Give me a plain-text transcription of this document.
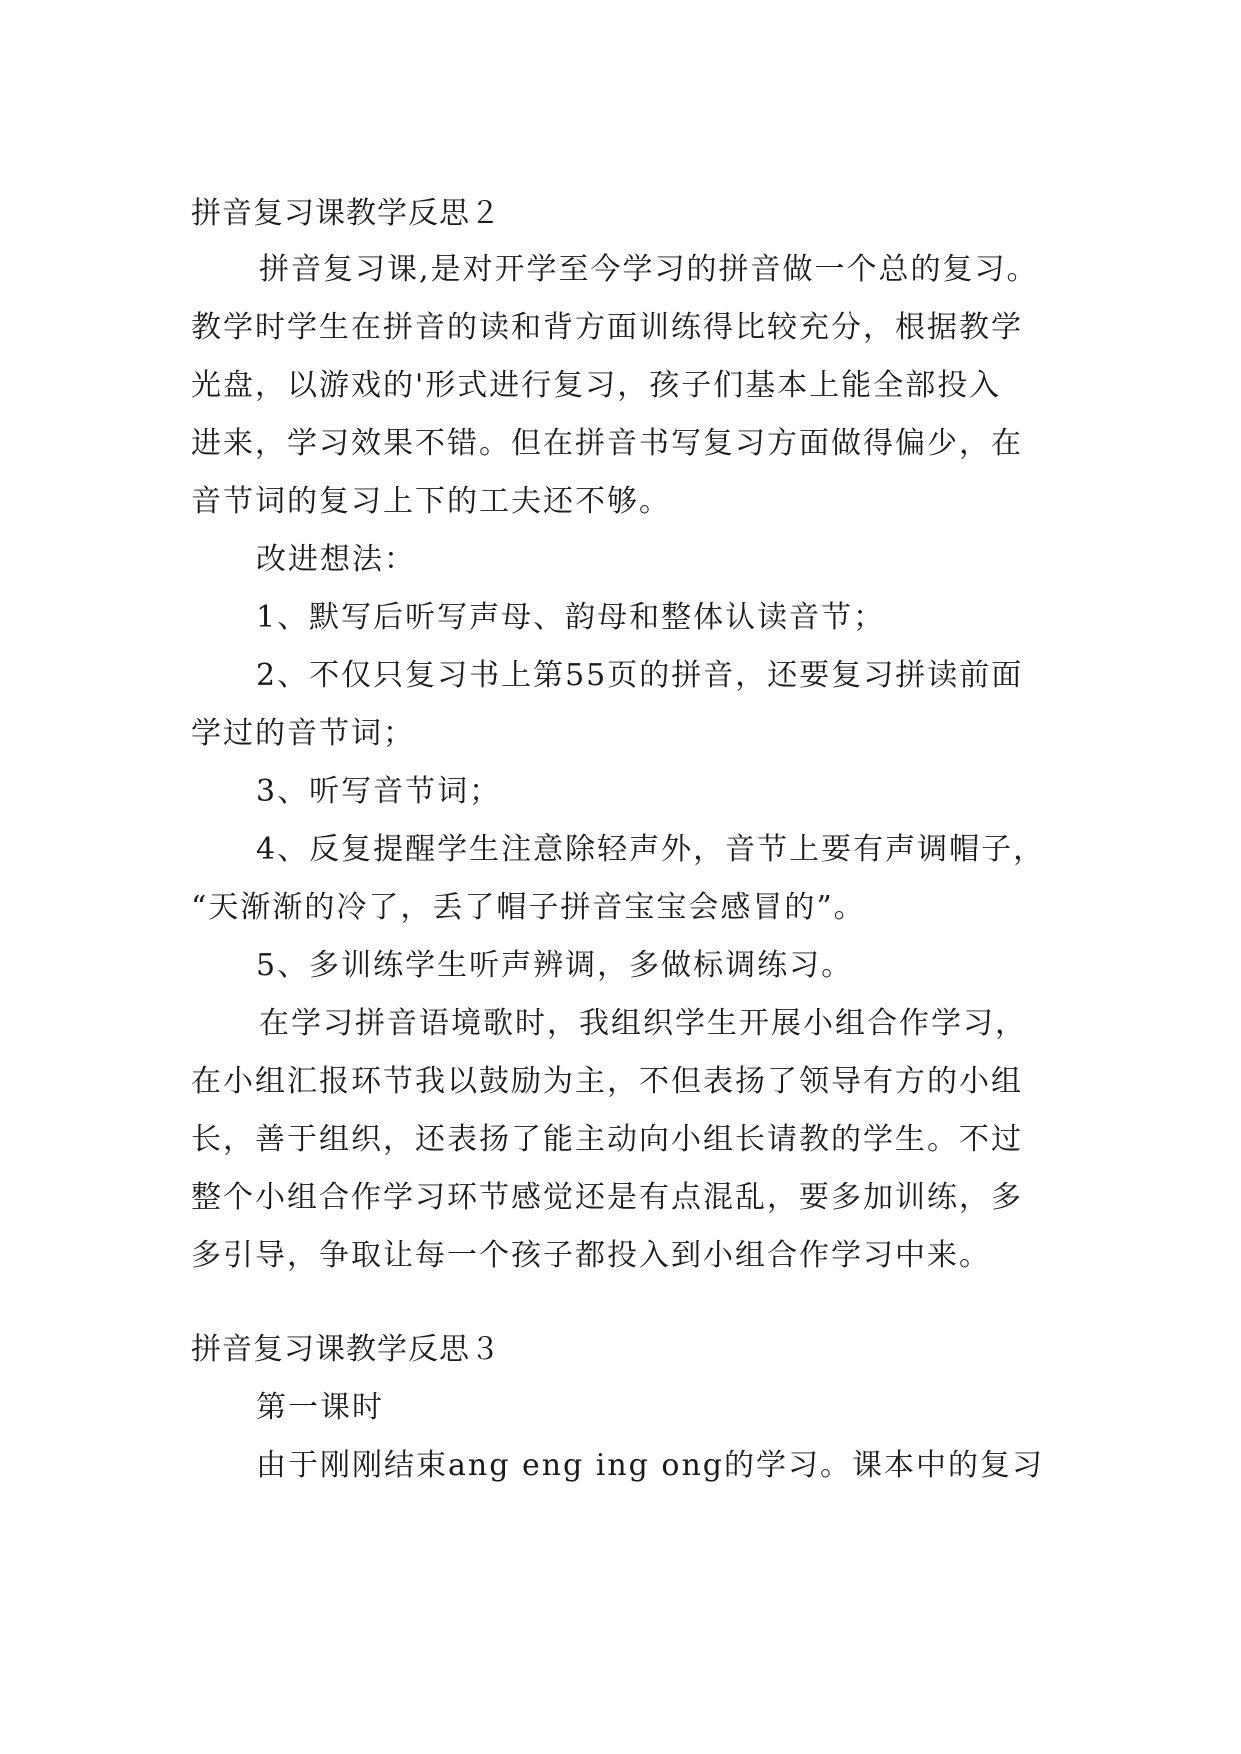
拼音复习课教学反思２
拼音复习课,是对开学至今学习的拼音做一个总的复习。
教学时学生在拼音的读和背方面训练得比较充分，根据教学
光盘，以游戏的'形式进行复习，孩子们基本上能全部投入
进来，学习效果不错。但在拼音书写复习方面做得偏少，在
音节词的复习上下的工夫还不够。
改进想法：
1、默写后听写声母、韵母和整体认读音节；
2、不仅只复习书上第55页的拼音，还要复习拼读前面
学过的音节词；
3、听写音节词；
4、反复提醒学生注意除轻声外，音节上要有声调帽子，
“天渐渐的冷了，丢了帽子拼音宝宝会感冒的”。
5、多训练学生听声辨调，多做标调练习。
在学习拼音语境歌时，我组织学生开展小组合作学习，
在小组汇报环节我以鼓励为主，不但表扬了领导有方的小组
长，善于组织，还表扬了能主动向小组长请教的学生。不过
整个小组合作学习环节感觉还是有点混乱，要多加训练，多
多引导，争取让每一个孩子都投入到小组合作学习中来。
拼音复习课教学反思３
第一课时
由于刚刚结束ang eng ing ong的学习。课本中的复习
